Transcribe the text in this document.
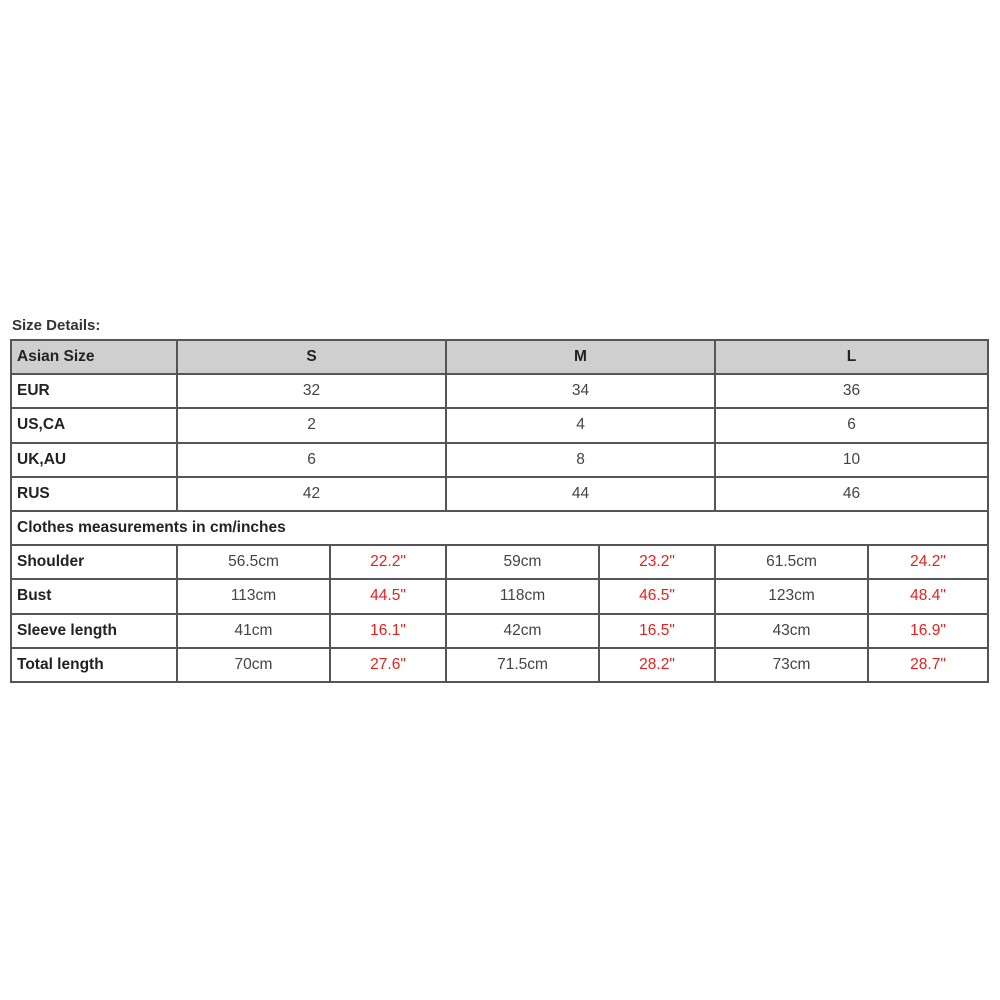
Size Details:
Asian Size	S		M		L	
EUR	32		34		36	
US,CA	2		4		6	
UK,AU	6		8		10	
RUS	42		44		46	
Clothes measurements in cm/inches						
Shoulder	56.5cm	22.2"	59cm	23.2"	61.5cm	24.2"
Bust	113cm	44.5"	118cm	46.5"	123cm	48.4"
Sleeve length	41cm	16.1"	42cm	16.5"	43cm	16.9"
Total length	70cm	27.6"	71.5cm	28.2"	73cm	28.7"
